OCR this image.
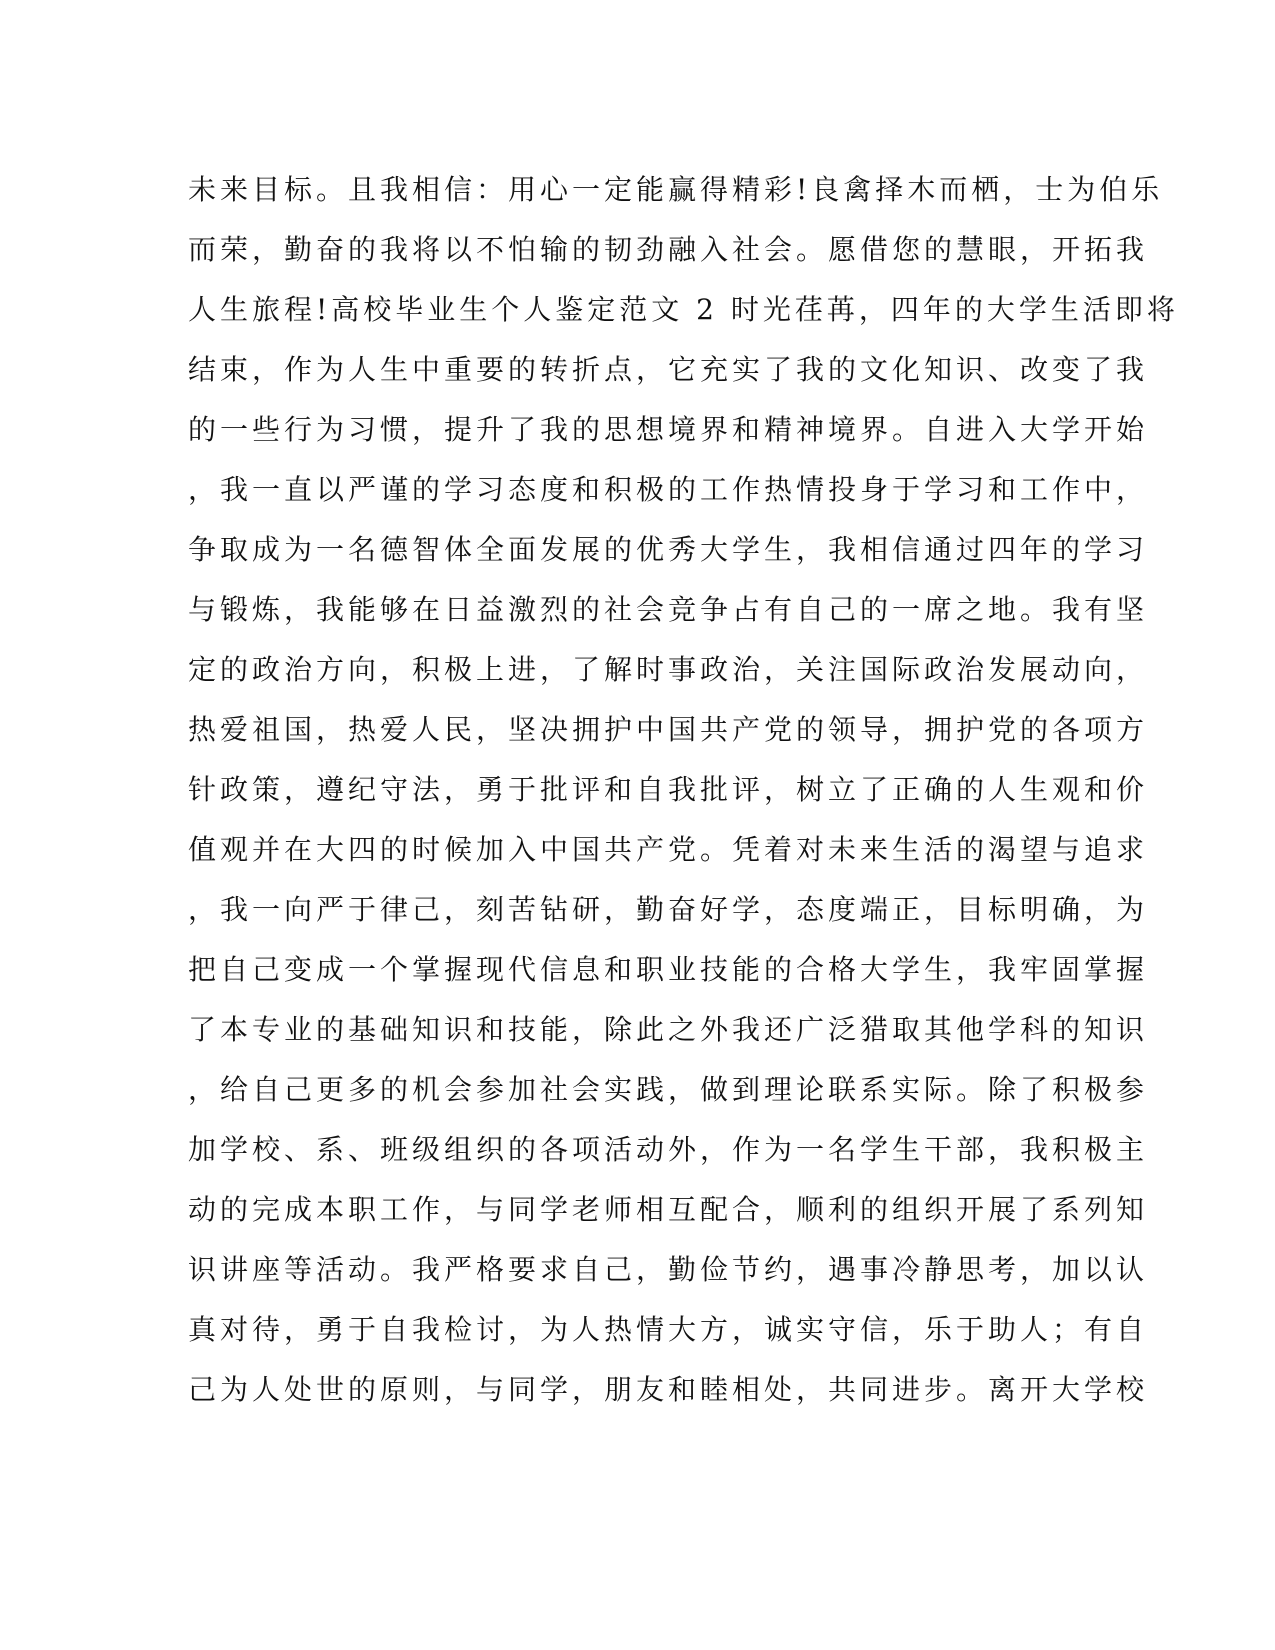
未来目标。且我相信：用心一定能赢得精彩!良禽择木而栖，士为伯乐
而荣，勤奋的我将以不怕输的韧劲融入社会。愿借您的慧眼，开拓我
人生旅程!高校毕业生个人鉴定范文 2 时光荏苒，四年的大学生活即将
结束，作为人生中重要的转折点，它充实了我的文化知识、改变了我
的一些行为习惯，提升了我的思想境界和精神境界。自进入大学开始
，我一直以严谨的学习态度和积极的工作热情投身于学习和工作中，
争取成为一名德智体全面发展的优秀大学生，我相信通过四年的学习
与锻炼，我能够在日益激烈的社会竞争占有自己的一席之地。我有坚
定的政治方向，积极上进，了解时事政治，关注国际政治发展动向，
热爱祖国，热爱人民，坚决拥护中国共产党的领导，拥护党的各项方
针政策，遵纪守法，勇于批评和自我批评，树立了正确的人生观和价
值观并在大四的时候加入中国共产党。凭着对未来生活的渴望与追求
，我一向严于律己，刻苦钻研，勤奋好学，态度端正，目标明确，为
把自己变成一个掌握现代信息和职业技能的合格大学生，我牢固掌握
了本专业的基础知识和技能，除此之外我还广泛猎取其他学科的知识
，给自己更多的机会参加社会实践，做到理论联系实际。除了积极参
加学校、系、班级组织的各项活动外，作为一名学生干部，我积极主
动的完成本职工作，与同学老师相互配合，顺利的组织开展了系列知
识讲座等活动。我严格要求自己，勤俭节约，遇事冷静思考，加以认
真对待，勇于自我检讨，为人热情大方，诚实守信，乐于助人；有自
己为人处世的原则，与同学，朋友和睦相处，共同进步。离开大学校
